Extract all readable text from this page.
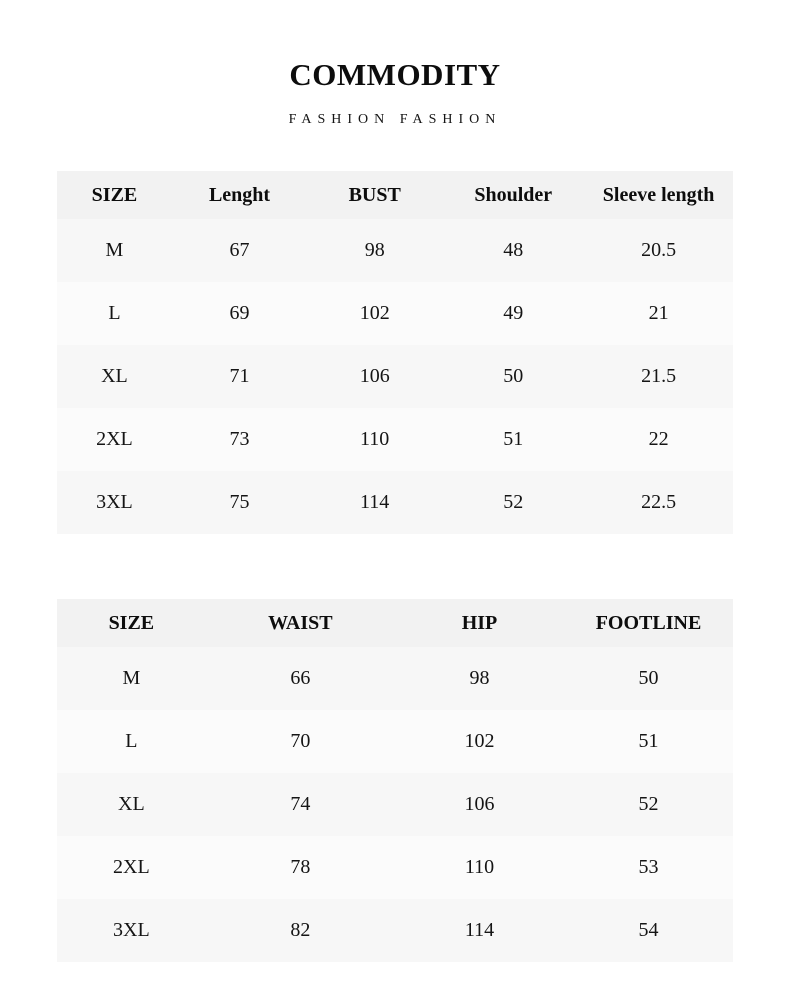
COMMODITY
FASHION FASHION
SIZE	Lenght	BUST	Shoulder	Sleeve length
M	67	98	48	20.5
L	69	102	49	21
XL	71	106	50	21.5
2XL	73	110	51	22
3XL	75	114	52	22.5
SIZE	WAIST	HIP	FOOTLINE
M	66	98	50
L	70	102	51
XL	74	106	52
2XL	78	110	53
3XL	82	114	54
